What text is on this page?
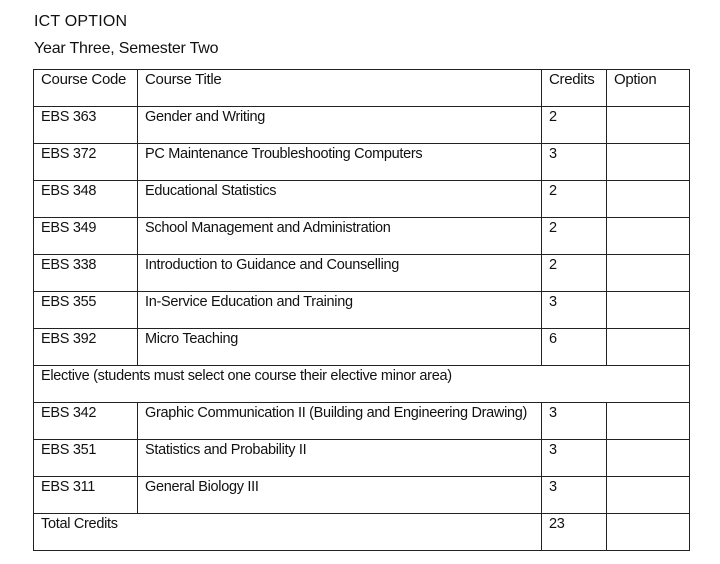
ICT OPTION
Year Three, Semester Two
Course Code	Course Title	Credits	Option
EBS 363	Gender and Writing	2	
EBS 372	PC Maintenance Troubleshooting Computers	3	
EBS 348	Educational Statistics	2	
EBS 349	School Management and Administration	2	
EBS 338	Introduction to Guidance and Counselling	2	
EBS 355	In-Service Education and Training	3	
EBS 392	Micro Teaching	6	
Elective (students must select one course their elective minor area)			
EBS 342	Graphic Communication II (Building and Engineering Drawing)	3	
EBS 351	Statistics and Probability II	3	
EBS 311	General Biology III	3	
Total Credits		23	
